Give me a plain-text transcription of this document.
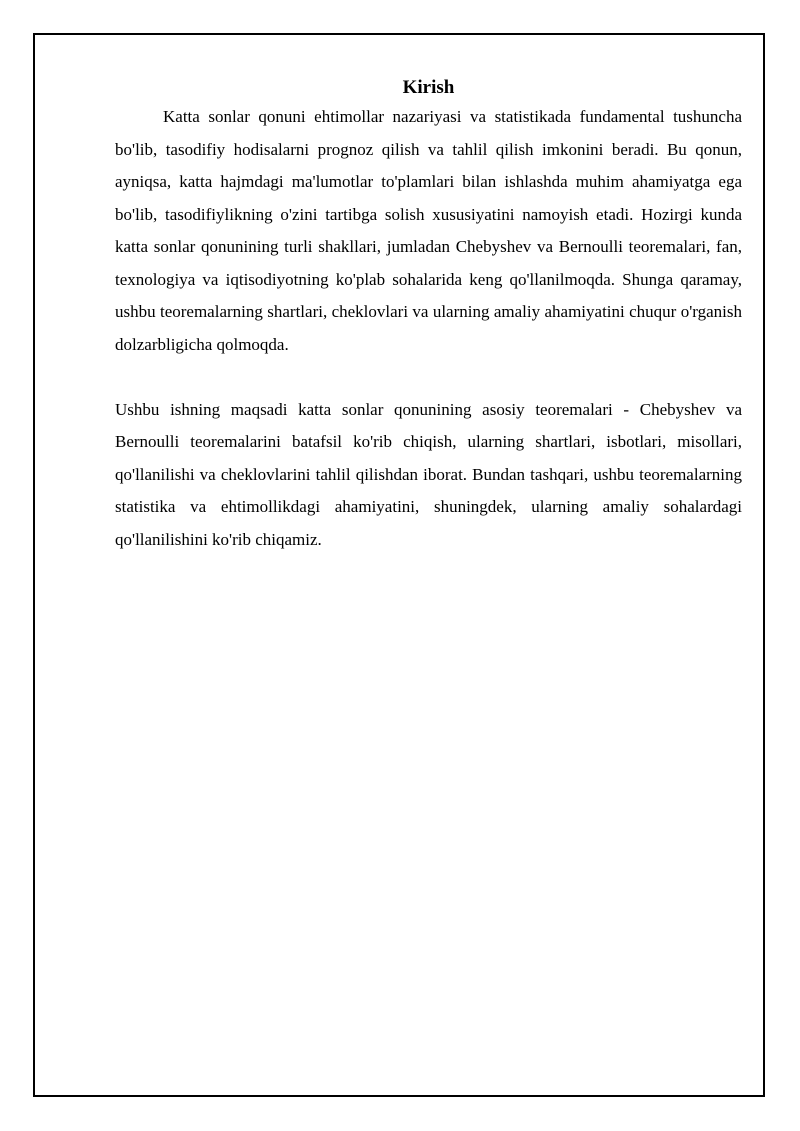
Kirish

Katta sonlar qonuni ehtimollar nazariyasi va statistikada fundamental tushuncha bo'lib, tasodifiy hodisalarni prognoz qilish va tahlil qilish imkonini beradi. Bu qonun, ayniqsa, katta hajmdagi ma'lumotlar to'plamlari bilan ishlashda muhim ahamiyatga ega bo'lib, tasodifiylikning o'zini tartibga solish xususiyatini namoyish etadi. Hozirgi kunda katta sonlar qonunining turli shakllari, jumladan Chebyshev va Bernoulli teoremalari, fan, texnologiya va iqtisodiyotning ko'plab sohalarida keng qo'llanilmoqda. Shunga qaramay, ushbu teoremalarning shartlari, cheklovlari va ularning amaliy ahamiyatini chuqur o'rganish dolzarbligicha qolmoqda.

Ushbu ishning maqsadi katta sonlar qonunining asosiy teoremalari - Chebyshev va Bernoulli teoremalarini batafsil ko'rib chiqish, ularning shartlari, isbotlari, misollari, qo'llanilishi va cheklovlarini tahlil qilishdan iborat. Bundan tashqari, ushbu teoremalarning statistika va ehtimollikdagi ahamiyatini, shuningdek, ularning amaliy sohalardagi qo'llanilishini ko'rib chiqamiz.
